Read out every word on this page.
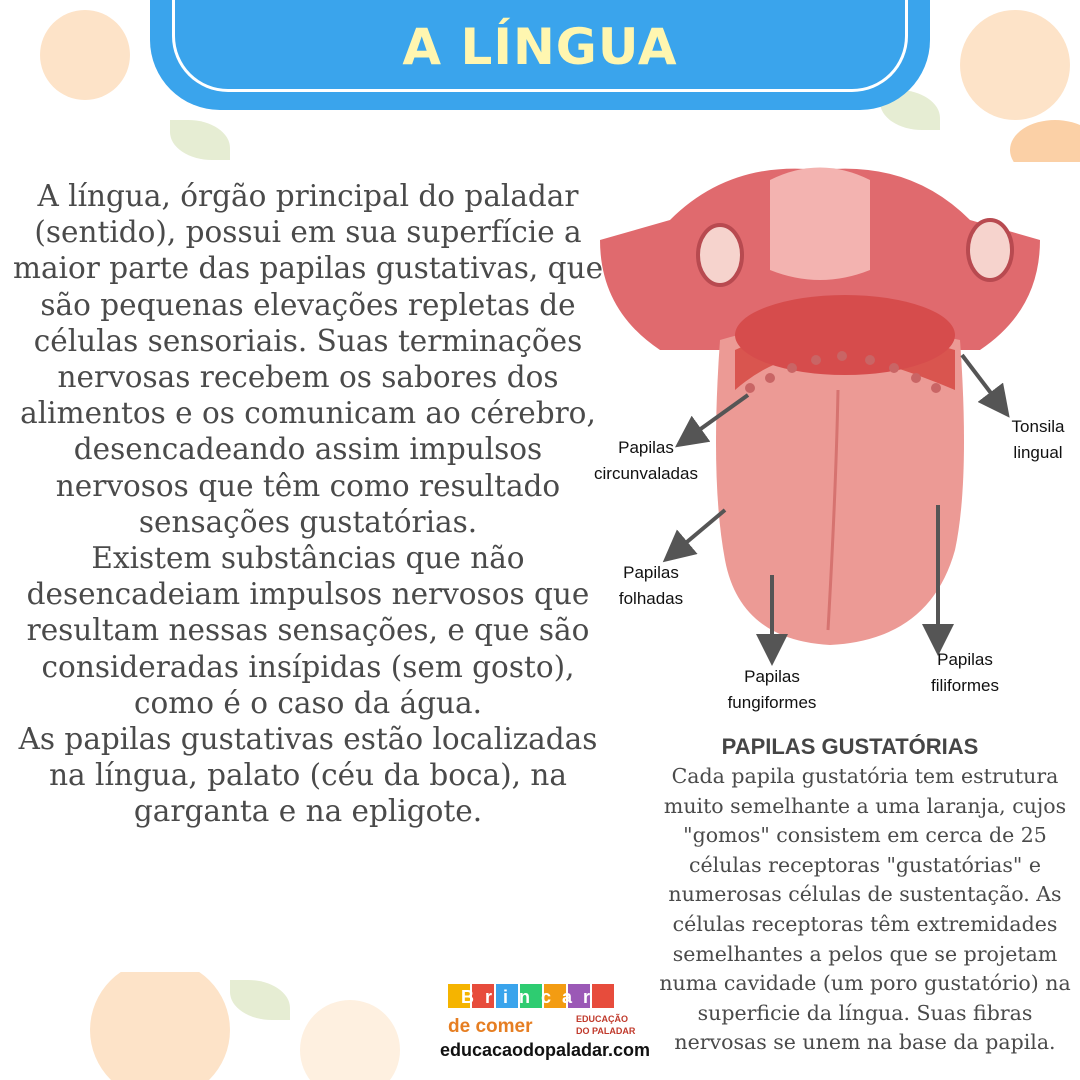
A LÍNGUA

A língua, órgão principal do paladar (sentido), possui em sua superfície a maior parte das papilas gustativas, que são pequenas elevações repletas de células sensoriais. Suas terminações nervosas recebem os sabores dos alimentos e os comunicam ao cérebro, desencadeando assim impulsos nervosos que têm como resultado sensações gustatórias.

Existem substâncias que não desencadeiam impulsos nervosos que resultam nessas sensações, e que são consideradas insípidas (sem gosto), como é o caso da água.

As papilas gustativas estão localizadas na língua, palato (céu da boca), na garganta e na epligote.

Papilas
circunvaladas
Tonsila
lingual
Papilas
folhadas
Papilas
fungiformes
Papilas
filiformes
PAPILAS GUSTATÓRIAS
Cada papila gustatória tem estrutura muito semelhante a uma laranja, cujos "gomos" consistem em cerca de 25 células receptoras "gustatórias" e numerosas células de sustentação. As células receptoras têm extremidades semelhantes a pelos que se projetam numa cavidade (um poro gustatório) na superficie da língua. Suas fibras nervosas se unem na base da papila.
Brincar
de comer	EDUCAÇÃO
DO PALADAR
educacaodopaladar.com
